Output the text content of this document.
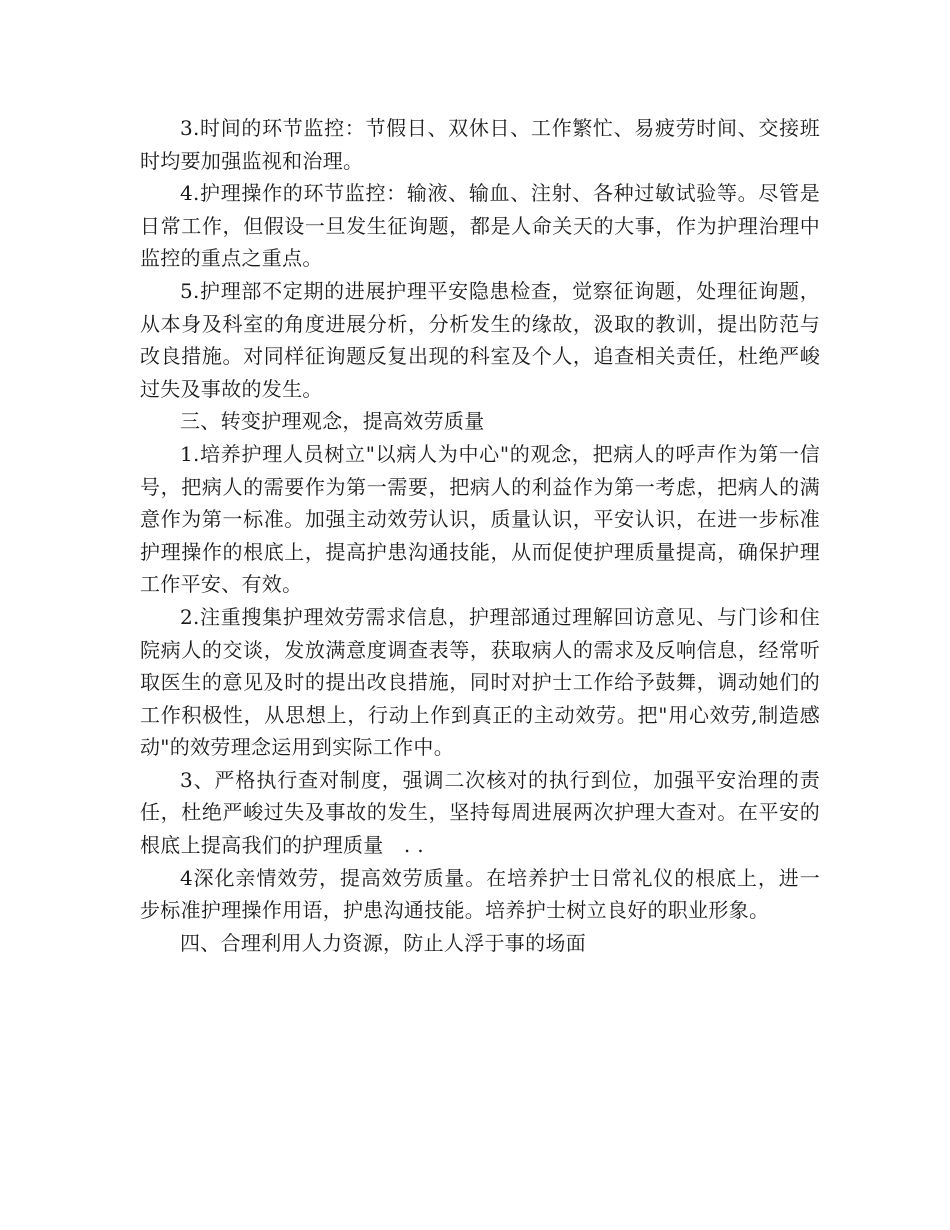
3.时间的环节监控：节假日、双休日、工作繁忙、易疲劳时间、交接班时均要加强监视和治理。

4.护理操作的环节监控：输液、输血、注射、各种过敏试验等。尽管是日常工作，但假设一旦发生征询题，都是人命关天的大事，作为护理治理中监控的重点之重点。

5.护理部不定期的进展护理平安隐患检查，觉察征询题，处理征询题，从本身及科室的角度进展分析，分析发生的缘故，汲取的教训，提出防范与改良措施。对同样征询题反复出现的科室及个人，追查相关责任，杜绝严峻过失及事故的发生。

三、转变护理观念，提高效劳质量

1.培养护理人员树立"以病人为中心"的观念，把病人的呼声作为第一信号，把病人的需要作为第一需要，把病人的利益作为第一考虑，把病人的满意作为第一标准。加强主动效劳认识，质量认识，平安认识，在进一步标准护理操作的根底上，提高护患沟通技能，从而促使护理质量提高，确保护理工作平安、有效。

2.注重搜集护理效劳需求信息，护理部通过理解回访意见、与门诊和住院病人的交谈，发放满意度调查表等，获取病人的需求及反响信息，经常听取医生的意见及时的提出改良措施，同时对护士工作给予鼓舞，调动她们的工作积极性，从思想上，行动上作到真正的主动效劳。把"用心效劳,制造感动"的效劳理念运用到实际工作中。

3、严格执行查对制度，强调二次核对的执行到位，加强平安治理的责任，杜绝严峻过失及事故的发生，坚持每周进展两次护理大查对。在平安的根底上提高我们的护理质量　. .

4深化亲情效劳，提高效劳质量。在培养护士日常礼仪的根底上，进一步标准护理操作用语，护患沟通技能。培养护士树立良好的职业形象。

四、合理利用人力资源，防止人浮于事的场面
